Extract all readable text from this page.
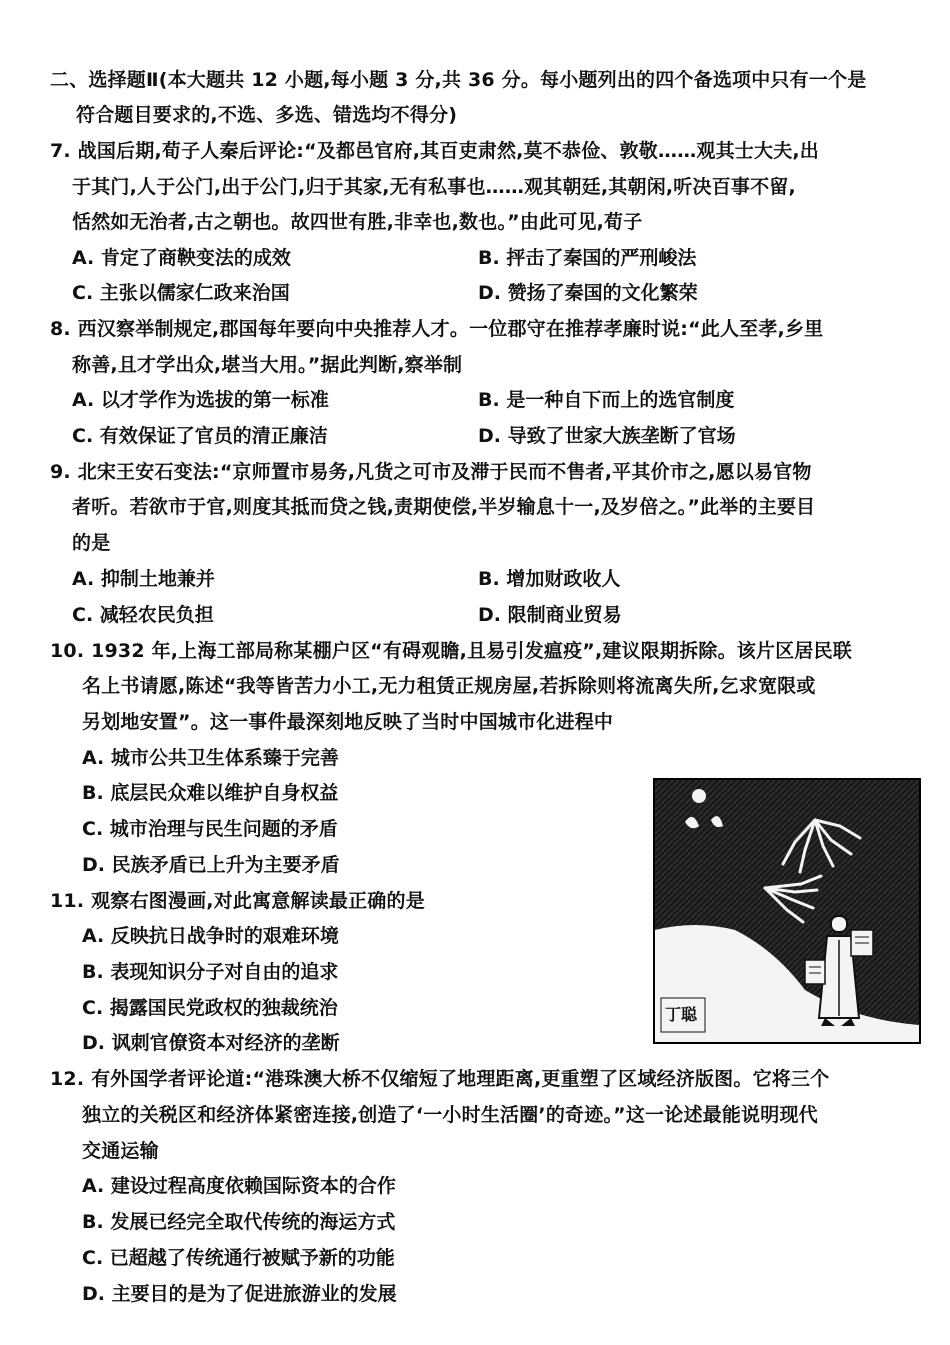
二、选择题Ⅱ(本大题共 12 小题,每小题 3 分,共 36 分。每小题列出的四个备选项中只有一个是
符合题目要求的,不选、多选、错选均不得分)
7. 战国后期,荀子人秦后评论:“及都邑官府,其百吏肃然,莫不恭俭、敦敬……观其士大夫,出
于其门,人于公门,出于公门,归于其家,无有私事也……观其朝廷,其朝闲,听决百事不留,
恬然如无治者,古之朝也。故四世有胜,非幸也,数也。”由此可见,荀子
A. 肯定了商鞅变法的成效	B. 抨击了秦国的严刑峻法
C. 主张以儒家仁政来治国	D. 赞扬了秦国的文化繁荣
8. 西汉察举制规定,郡国每年要向中央推荐人才。一位郡守在推荐孝廉时说:“此人至孝,乡里
称善,且才学出众,堪当大用。”据此判断,察举制
A. 以才学作为选拔的第一标准	B. 是一种自下而上的选官制度
C. 有效保证了官员的清正廉洁	D. 导致了世家大族垄断了官场
9. 北宋王安石变法:“京师置市易务,凡货之可市及滞于民而不售者,平其价市之,愿以易官物
者听。若欲市于官,则度其抵而贷之钱,责期使偿,半岁输息十一,及岁倍之。”此举的主要目
的是
A. 抑制土地兼并	B. 增加财政收人
C. 减轻农民负担	D. 限制商业贸易
10. 1932 年,上海工部局称某棚户区“有碍观瞻,且易引发瘟疫”,建议限期拆除。该片区居民联
名上书请愿,陈述“我等皆苦力小工,无力租赁正规房屋,若拆除则将流离失所,乞求宽限或
另划地安置”。这一事件最深刻地反映了当时中国城市化进程中
A. 城市公共卫生体系臻于完善
B. 底层民众难以维护自身权益
C. 城市治理与民生问题的矛盾
D. 民族矛盾已上升为主要矛盾
11. 观察右图漫画,对此寓意解读最正确的是
A. 反映抗日战争时的艰难环境
B. 表现知识分子对自由的追求
C. 揭露国民党政权的独裁统治
D. 讽刺官僚资本对经济的垄断
丁聪
12. 有外国学者评论道:“港珠澳大桥不仅缩短了地理距离,更重塑了区域经济版图。它将三个
独立的关税区和经济体紧密连接,创造了‘一小时生活圈’的奇迹。”这一论述最能说明现代
交通运输
A. 建设过程高度依赖国际资本的合作
B. 发展已经完全取代传统的海运方式
C. 已超越了传统通行被赋予新的功能
D. 主要目的是为了促进旅游业的发展
